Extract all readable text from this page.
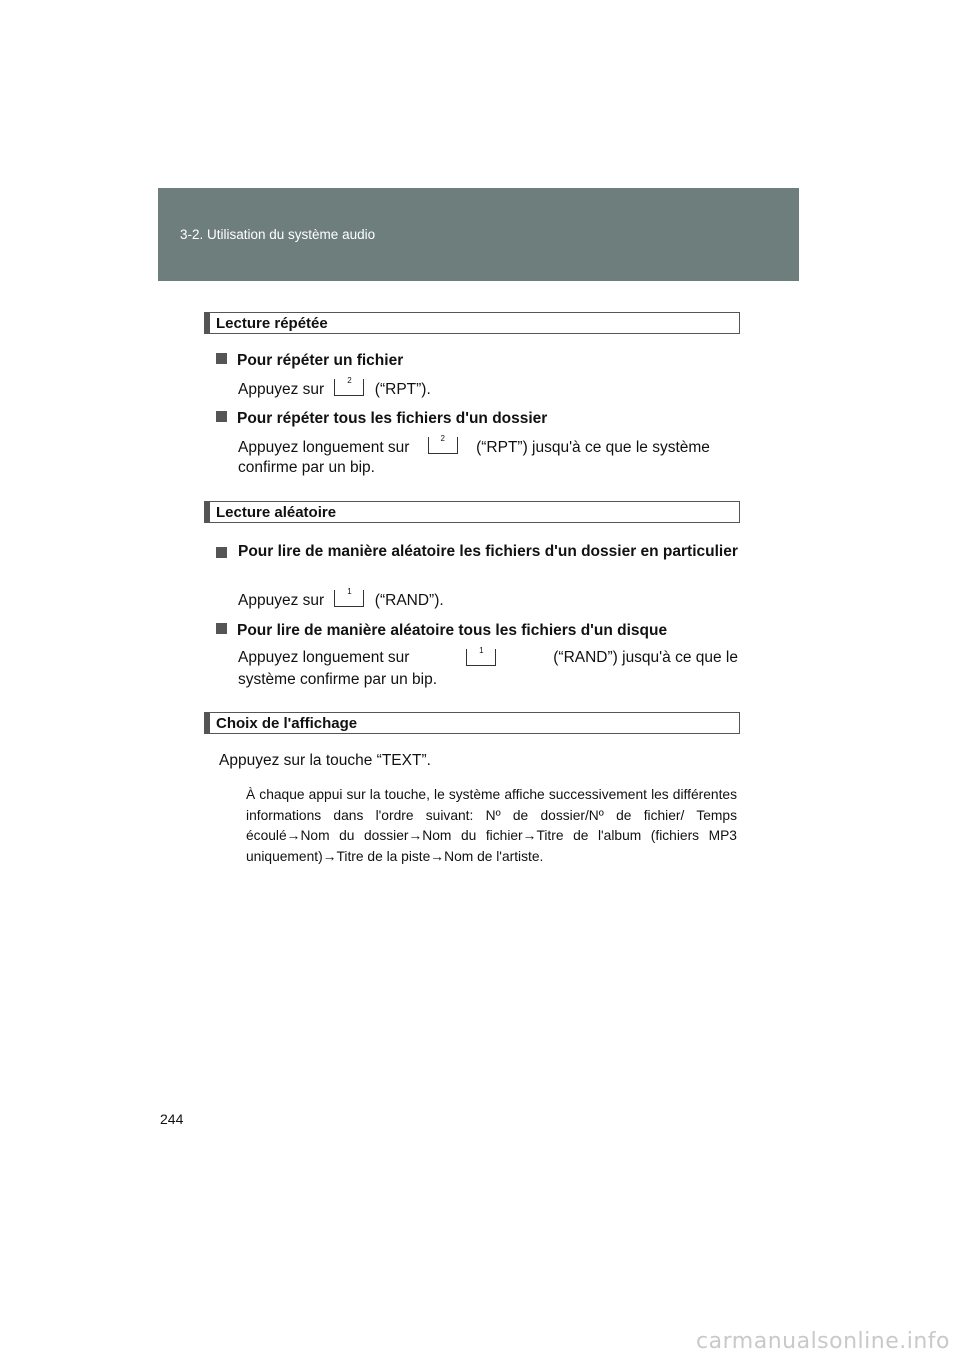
3-2. Utilisation du système audio
Lecture répétée
Pour répéter un fichier
Appuyez sur
2
(“RPT”).
Pour répéter tous les fichiers d'un dossier
Appuyez longuement sur
2
(“RPT”) jusqu'à ce que le système
confirme par un bip.
Lecture aléatoire
Pour lire de manière aléatoire les fichiers d'un dossier en particulier
Appuyez sur
1
(“RAND”).
Pour lire de manière aléatoire tous les fichiers d'un disque
Appuyez longuement sur	1	(“RAND”) jusqu'à ce que le
système confirme par un bip.
Choix de l'affichage
Appuyez sur la touche “TEXT”.
À chaque appui sur la touche, le système affiche successivement les différentes informations dans l'ordre suivant: Nº de dossier/Nº de fichier/ Temps écoulé→Nom du dossier→Nom du fichier→Titre de l'album (fichiers MP3 uniquement)→Titre de la piste→Nom de l'artiste.
244
carmanualsonline.info
